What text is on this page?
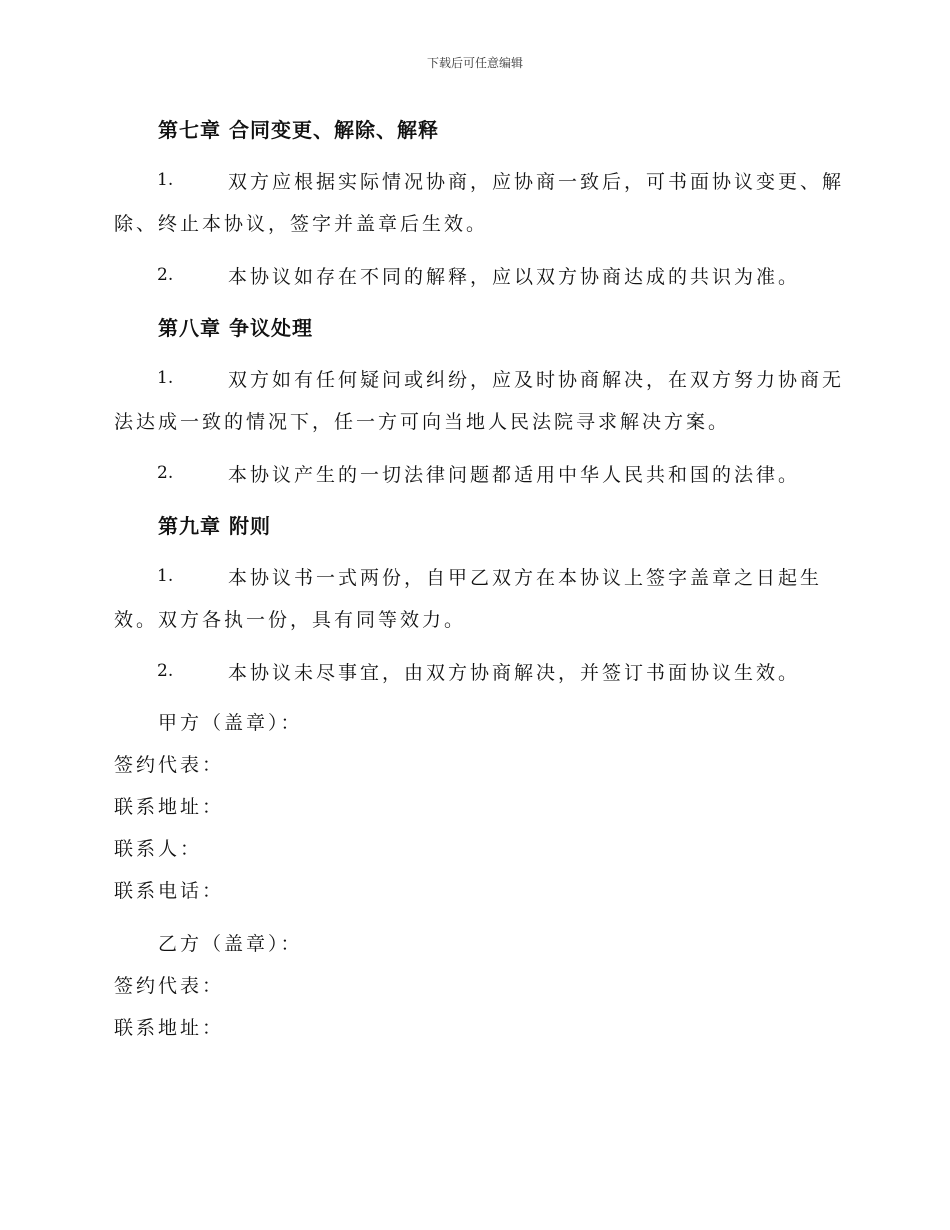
下载后可任意编辑
第七章 合同变更、解除、解释
1.	双方应根据实际情况协商，应协商一致后，可书面协议变更、解
除、终止本协议，签字并盖章后生效。
2.	本协议如存在不同的解释，应以双方协商达成的共识为准。
第八章 争议处理
1.	双方如有任何疑问或纠纷，应及时协商解决，在双方努力协商无
法达成一致的情况下，任一方可向当地人民法院寻求解决方案。
2.	本协议产生的一切法律问题都适用中华人民共和国的法律。
第九章 附则
1.	本协议书一式两份，自甲乙双方在本协议上签字盖章之日起生
效。双方各执一份，具有同等效力。
2.	本协议未尽事宜，由双方协商解决，并签订书面协议生效。
甲方（盖章）：
签约代表：
联系地址：
联系人：
联系电话：
乙方（盖章）：
签约代表：
联系地址：
